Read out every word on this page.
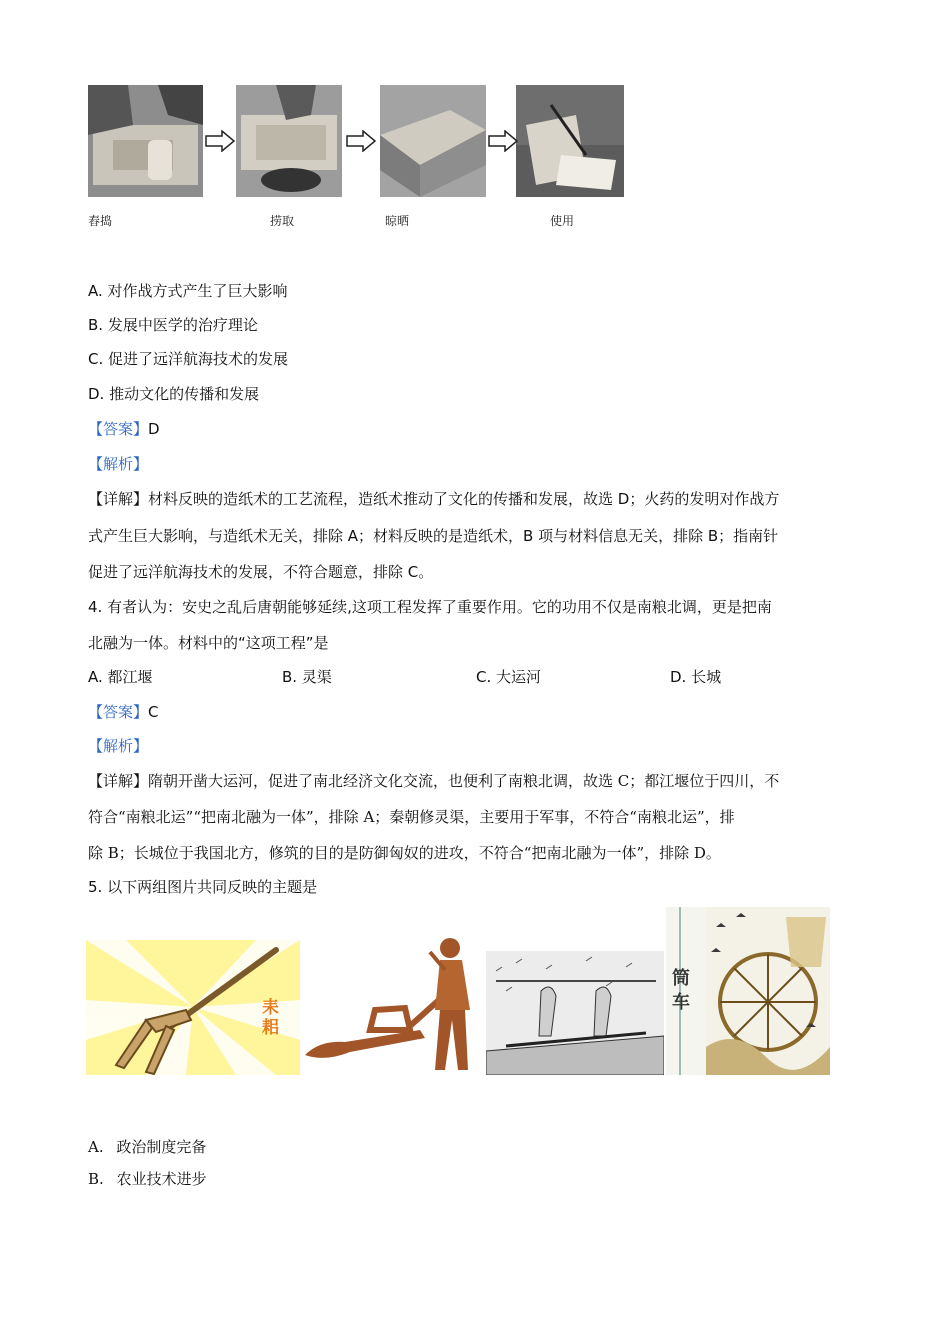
舂捣	捞取	晾晒	使用
A. 对作战方式产生了巨大影响
B. 发展中医学的治疗理论
C. 促进了远洋航海技术的发展
D. 推动文化的传播和发展
【答案】D
【解析】
【详解】材料反映的造纸术的工艺流程，造纸术推动了文化的传播和发展，故选 D；火药的发明对作战方
式产生巨大影响，与造纸术无关，排除 A；材料反映的是造纸术，B 项与材料信息无关，排除 B；指南针
促进了远洋航海技术的发展，不符合题意，排除 C。
4. 有者认为：安史之乱后唐朝能够延续,这项工程发挥了重要作用。它的功用不仅是南粮北调，更是把南
北融为一体。材料中的“这项工程”是
A. 都江堰	B. 灵渠	C. 大运河	D. 长城
【答案】C
【解析】
【详解】隋朝开凿大运河，促进了南北经济文化交流，也便利了南粮北调，故选 C；都江堰位于四川，不
符合“南粮北运”“把南北融为一体”，排除 A；秦朝修灵渠，主要用于军事，不符合“南粮北运”，排
除 B；长城位于我国北方，修筑的目的是防御匈奴的进攻，不符合“把南北融为一体”，排除 D。
5. 以下两组图片共同反映的主题是
耒耜
筒车
A. 政治制度完备
B. 农业技术进步
